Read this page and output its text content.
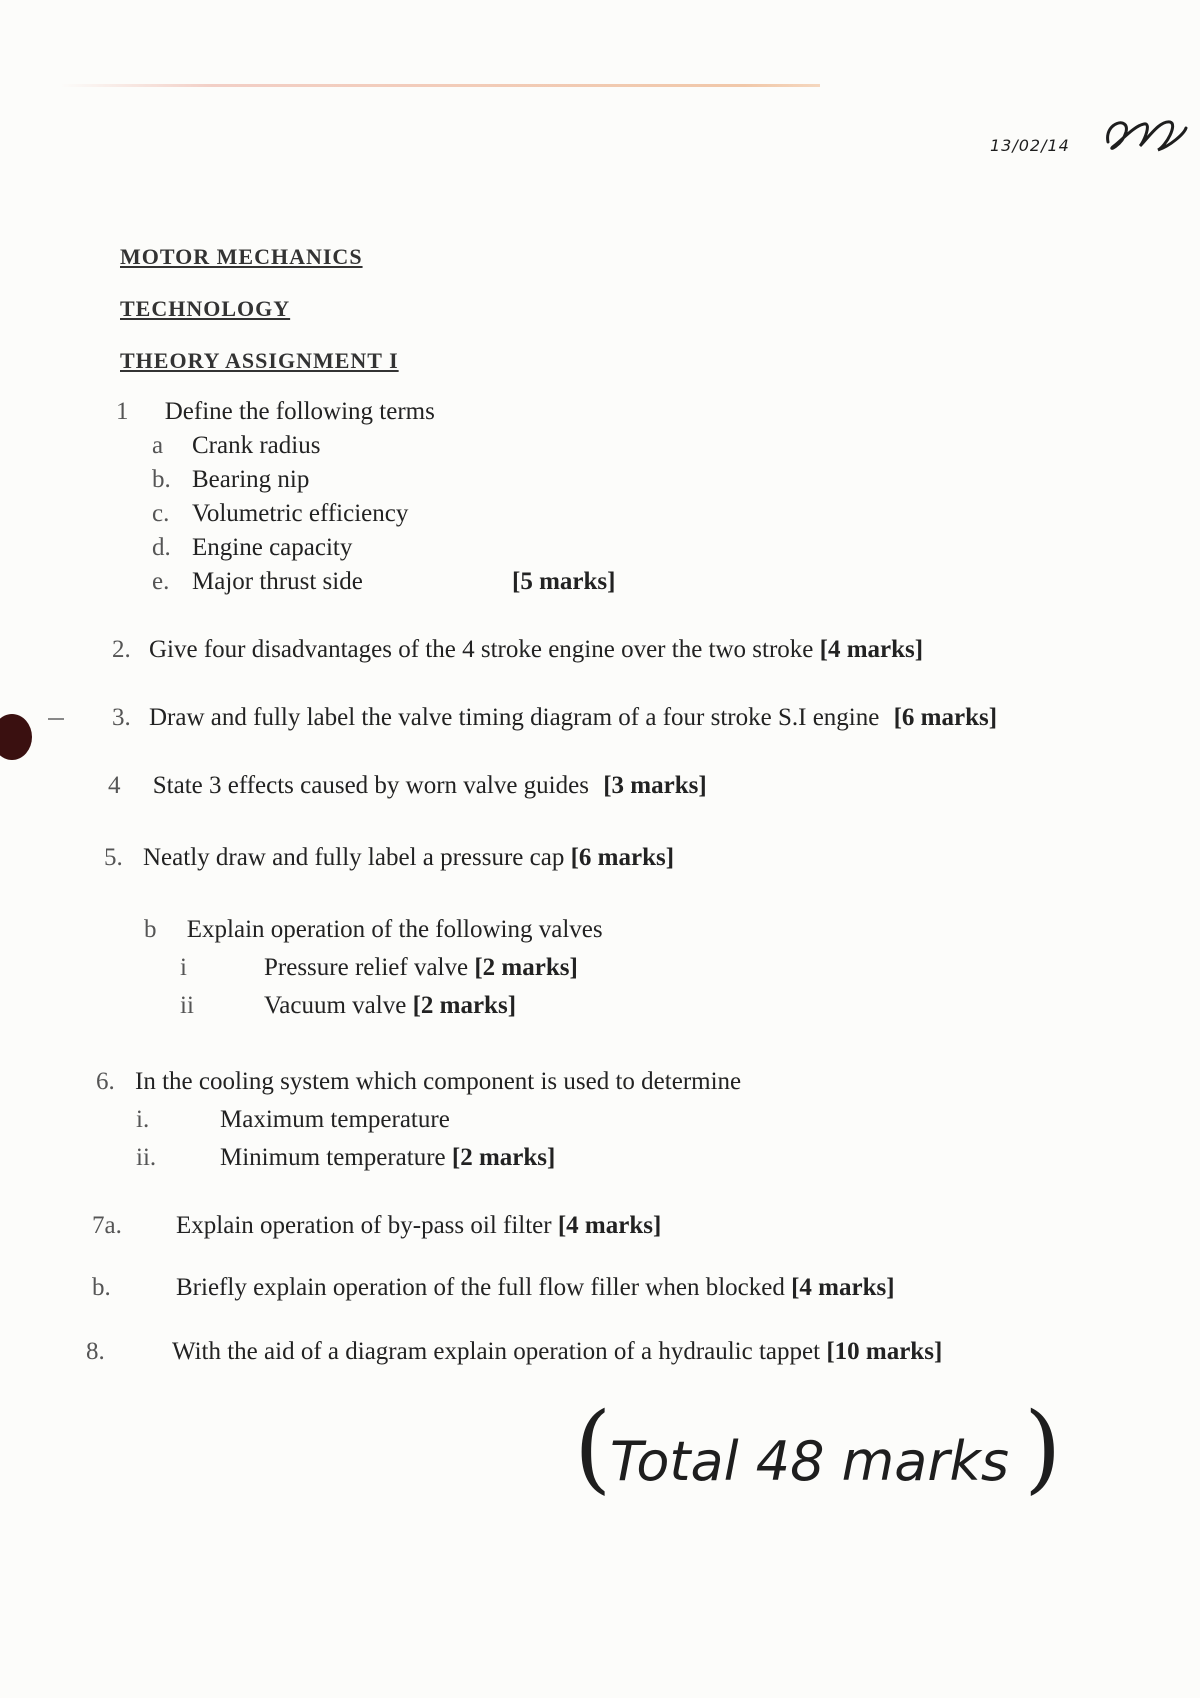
13/02/14
MOTOR MECHANICS
TECHNOLOGY
THEORY ASSIGNMENT I
1 Define the following terms
a Crank radius
b. Bearing nip
c. Volumetric efficiency
d. Engine capacity
e. Major thrust side	[5 marks]
2. Give four disadvantages of the 4 stroke engine over the two stroke [4 marks]
3. Draw and fully label the valve timing diagram of a four stroke S.I engine [6 marks]
4 State 3 effects caused by worn valve guides [3 marks]
5. Neatly draw and fully label a pressure cap [6 marks]
b Explain operation of the following valves
i	Pressure relief valve [2 marks]
ii	Vacuum valve [2 marks]
6. In the cooling system which component is used to determine
i.	Maximum temperature
ii.	Minimum temperature [2 marks]
7a. Explain operation of by-pass oil filter [4 marks]
b.	Briefly explain operation of the full flow filler when blocked [4 marks]
8.	With the aid of a diagram explain operation of a hydraulic tappet [10 marks]
(
Total 48 marks )
